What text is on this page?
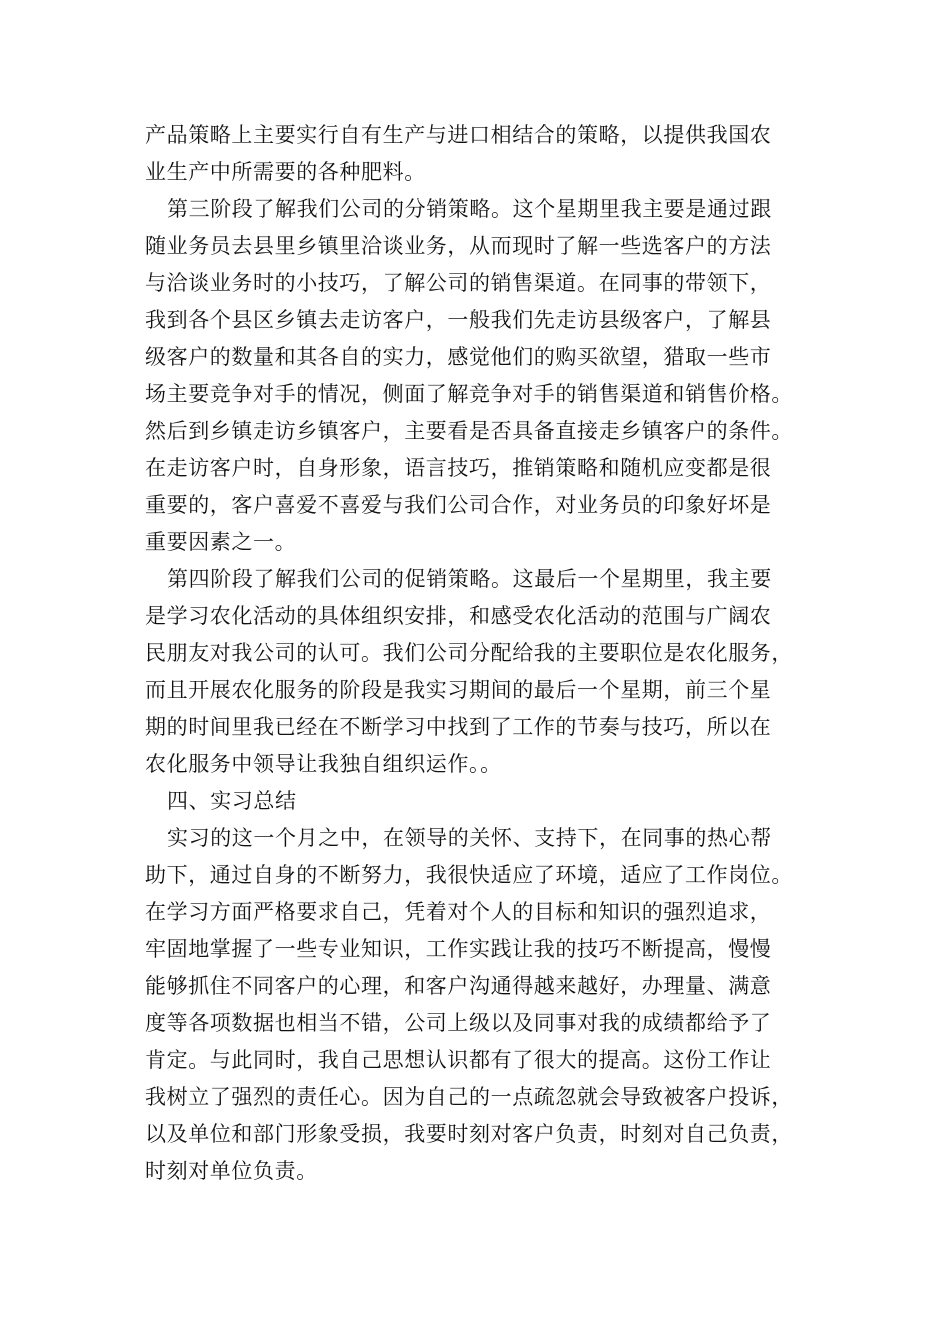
产品策略上主要实行自有生产与进口相结合的策略，以提供我国农
业生产中所需要的各种肥料。
第三阶段了解我们公司的分销策略。这个星期里我主要是通过跟
随业务员去县里乡镇里洽谈业务，从而现时了解一些选客户的方法
与洽谈业务时的小技巧，了解公司的销售渠道。在同事的带领下，
我到各个县区乡镇去走访客户，一般我们先走访县级客户，了解县
级客户的数量和其各自的实力，感觉他们的购买欲望，猎取一些市
场主要竞争对手的情况，侧面了解竞争对手的销售渠道和销售价格。
然后到乡镇走访乡镇客户，主要看是否具备直接走乡镇客户的条件。
在走访客户时，自身形象，语言技巧，推销策略和随机应变都是很
重要的，客户喜爱不喜爱与我们公司合作，对业务员的印象好坏是
重要因素之一。
第四阶段了解我们公司的促销策略。这最后一个星期里，我主要
是学习农化活动的具体组织安排，和感受农化活动的范围与广阔农
民朋友对我公司的认可。我们公司分配给我的主要职位是农化服务，
而且开展农化服务的阶段是我实习期间的最后一个星期，前三个星
期的时间里我已经在不断学习中找到了工作的节奏与技巧，所以在
农化服务中领导让我独自组织运作。。
四、实习总结
实习的这一个月之中，在领导的关怀、支持下，在同事的热心帮
助下，通过自身的不断努力，我很快适应了环境，适应了工作岗位。
在学习方面严格要求自己，凭着对个人的目标和知识的强烈追求，
牢固地掌握了一些专业知识，工作实践让我的技巧不断提高，慢慢
能够抓住不同客户的心理，和客户沟通得越来越好，办理量、满意
度等各项数据也相当不错，公司上级以及同事对我的成绩都给予了
肯定。与此同时，我自己思想认识都有了很大的提高。这份工作让
我树立了强烈的责任心。因为自己的一点疏忽就会导致被客户投诉，
以及单位和部门形象受损，我要时刻对客户负责，时刻对自己负责，
时刻对单位负责。
